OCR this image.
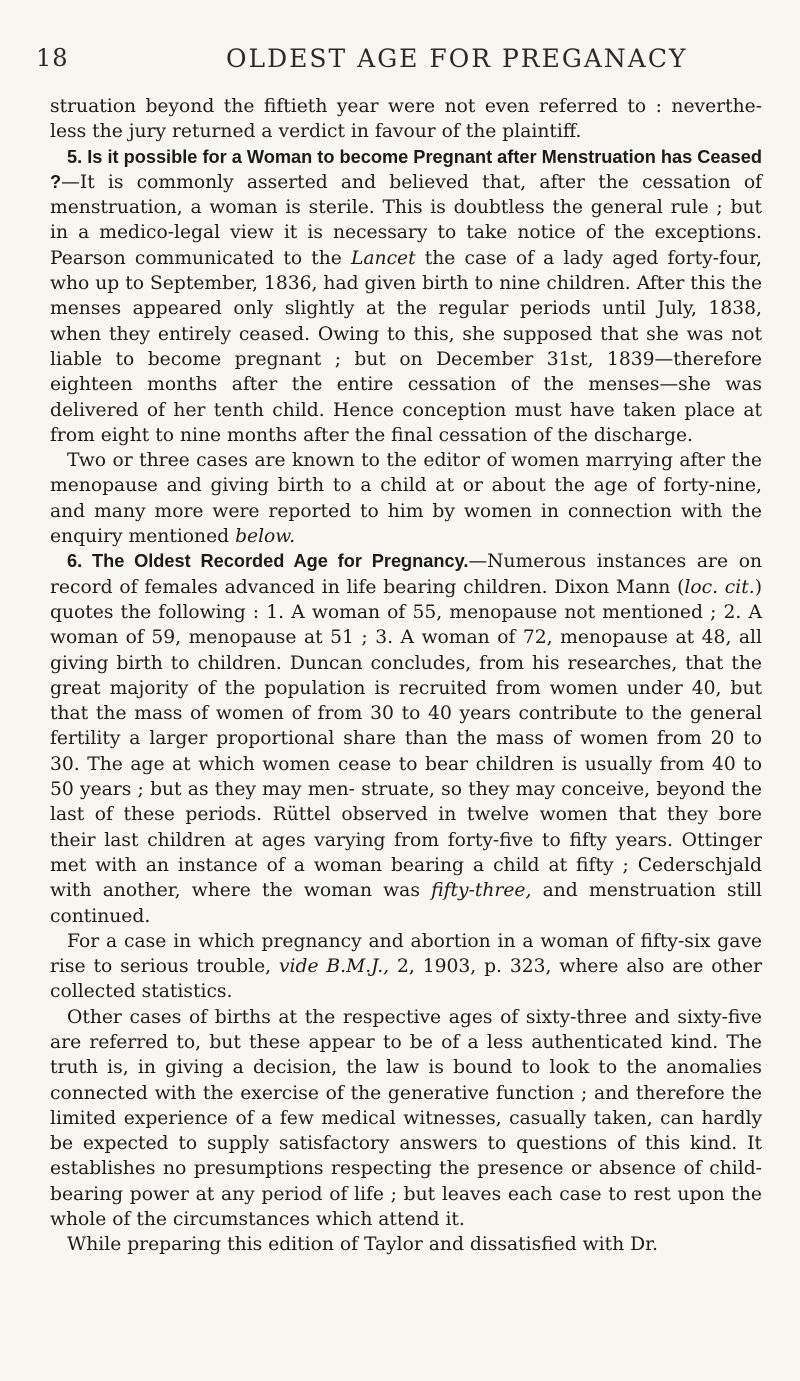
18	OLDEST AGE FOR PREGANACY

struation beyond the fiftieth year were not even referred to : neverthe- less the jury returned a verdict in favour of the plaintiff.

5. Is it possible for a Woman to become Pregnant after Menstruation has Ceased ?—It is commonly asserted and believed that, after the cessation of menstruation, a woman is sterile. This is doubtless the general rule ; but in a medico-legal view it is necessary to take notice of the exceptions. Pearson communicated to the Lancet the case of a lady aged forty-four, who up to September, 1836, had given birth to nine children. After this the menses appeared only slightly at the regular periods until July, 1838, when they entirely ceased. Owing to this, she supposed that she was not liable to become pregnant ; but on December 31st, 1839—therefore eighteen months after the entire cessation of the menses—she was delivered of her tenth child. Hence conception must have taken place at from eight to nine months after the final cessation of the discharge.

Two or three cases are known to the editor of women marrying after the menopause and giving birth to a child at or about the age of forty-nine, and many more were reported to him by women in connection with the enquiry mentioned below.

6. The Oldest Recorded Age for Pregnancy.—Numerous instances are on record of females advanced in life bearing children. Dixon Mann (loc. cit.) quotes the following : 1. A woman of 55, menopause not mentioned ; 2. A woman of 59, menopause at 51 ; 3. A woman of 72, menopause at 48, all giving birth to children. Duncan concludes, from his researches, that the great majority of the population is recruited from women under 40, but that the mass of women of from 30 to 40 years contribute to the general fertility a larger proportional share than the mass of women from 20 to 30. The age at which women cease to bear children is usually from 40 to 50 years ; but as they may men- struate, so they may conceive, beyond the last of these periods. Rüttel observed in twelve women that they bore their last children at ages varying from forty-five to fifty years. Ottinger met with an instance of a woman bearing a child at fifty ; Cederschjald with another, where the woman was fifty-three, and menstruation still continued.

For a case in which pregnancy and abortion in a woman of fifty-six gave rise to serious trouble, vide B.M.J., 2, 1903, p. 323, where also are other collected statistics.

Other cases of births at the respective ages of sixty-three and sixty-five are referred to, but these appear to be of a less authenticated kind. The truth is, in giving a decision, the law is bound to look to the anomalies connected with the exercise of the generative function ; and therefore the limited experience of a few medical witnesses, casually taken, can hardly be expected to supply satisfactory answers to questions of this kind. It establishes no presumptions respecting the presence or absence of child-bearing power at any period of life ; but leaves each case to rest upon the whole of the circumstances which attend it.

While preparing this edition of Taylor and dissatisfied with Dr.
